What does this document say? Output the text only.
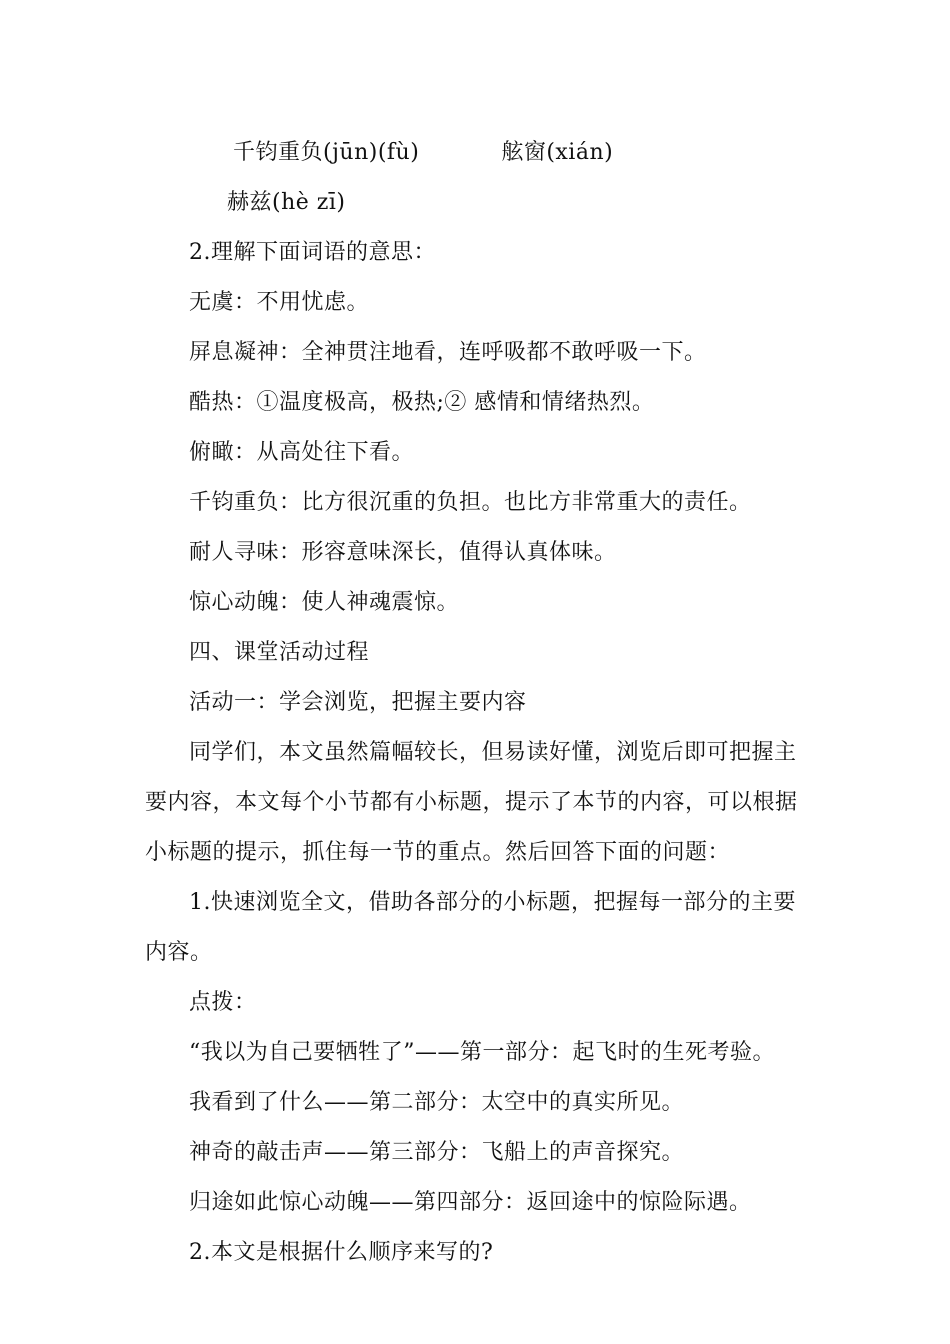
千钧重负(jūn)(fù)	舷窗(xián)赫兹(hè zī)

2.理解下面词语的意思：

无虞：不用忧虑。

屏息凝神：全神贯注地看，连呼吸都不敢呼吸一下。

酷热：①温度极高，极热;② 感情和情绪热烈。

俯瞰：从高处往下看。

千钧重负：比方很沉重的负担。也比方非常重大的责任。

耐人寻味：形容意味深长，值得认真体味。

惊心动魄：使人神魂震惊。

四、课堂活动过程

活动一：学会浏览，把握主要内容

同学们，本文虽然篇幅较长，但易读好懂，浏览后即可把握主要内容，本文每个小节都有小标题，提示了本节的内容，可以根据小标题的提示，抓住每一节的重点。然后回答下面的问题：

1.快速浏览全文，借助各部分的小标题，把握每一部分的主要内容。

点拨：

“我以为自己要牺牲了”——第一部分：起飞时的生死考验。

我看到了什么——第二部分：太空中的真实所见。

神奇的敲击声——第三部分：飞船上的声音探究。

归途如此惊心动魄——第四部分：返回途中的惊险际遇。

2.本文是根据什么顺序来写的?
